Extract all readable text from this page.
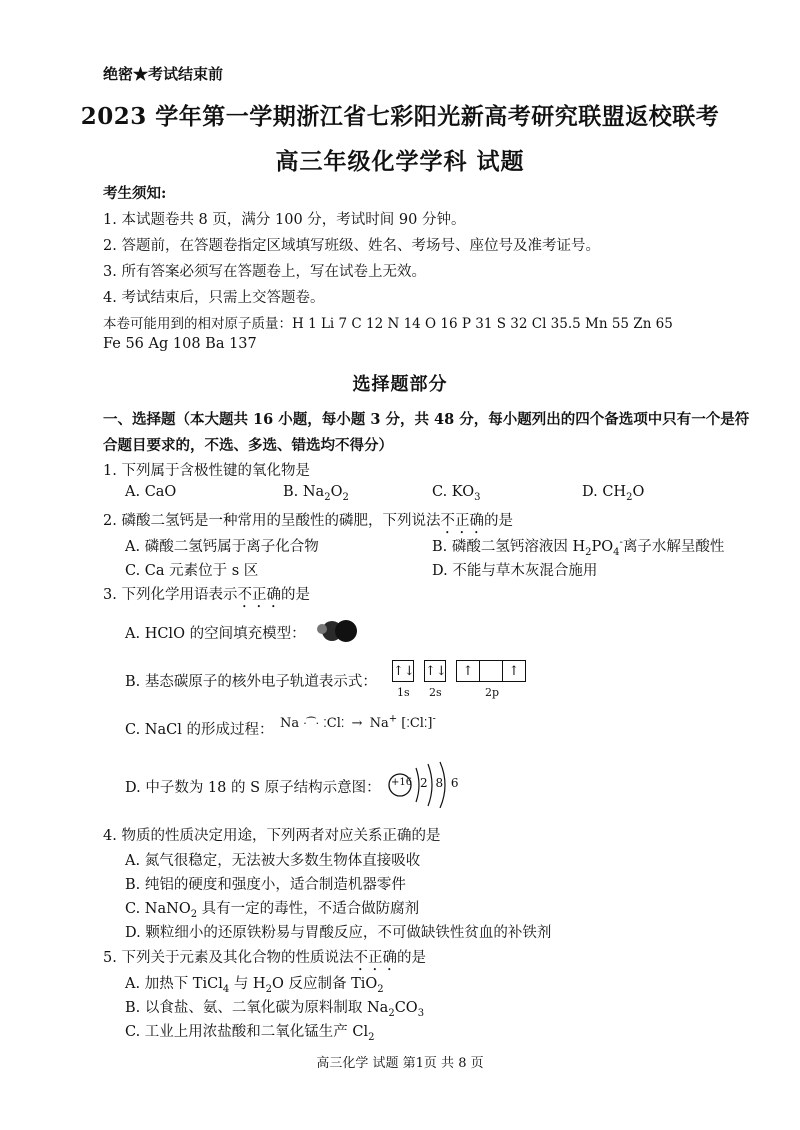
绝密★考试结束前
2023 学年第一学期浙江省七彩阳光新高考研究联盟返校联考
高三年级化学学科 试题
考生须知:
1. 本试题卷共 8 页，满分 100 分，考试时间 90 分钟。
2. 答题前，在答题卷指定区域填写班级、姓名、考场号、座位号及准考证号。
3. 所有答案必须写在答题卷上，写在试卷上无效。
4. 考试结束后，只需上交答题卷。
本卷可能用到的相对原子质量：H 1 Li 7 C 12 N 14 O 16 P 31 S 32 Cl 35.5 Mn 55 Zn 65
Fe 56 Ag 108 Ba 137
选择题部分
一、选择题（本大题共 16 小题，每小题 3 分，共 48 分，每小题列出的四个备选项中只有一个是符
合题目要求的，不选、多选、错选均不得分）
1. 下列属于含极性键的氧化物是
A. CaO	B. $Na_2O_2$	C. $KO_3$	D. $CH_2O$
2. 磷酸二氢钙是一种常用的呈酸性的磷肥，下列说法不正确的是
A. 磷酸二氢钙属于离子化合物	B. 磷酸二氢钙溶液因 $H_2PO_4^-$离子水解呈酸性
C. Ca 元素位于 s 区	D. 不能与草木灰混合施用
3. 下列化学用语表示不正确的是
A. HClO 的空间填充模型：
B. 基态碳原子的核外电子轨道表示式：
↑↓ ↑↓	↑	↑
1s 2s	2p
C. NaCl 的形成过程： Na ·⁀· ⁚Cl⁚ → Na+ [⁚Cl⁚]-
D. 中子数为 18 的 S 原子结构示意图： +16 2 8 6
4. 物质的性质决定用途，下列两者对应关系正确的是
A. 氮气很稳定，无法被大多数生物体直接吸收
B. 纯铝的硬度和强度小，适合制造机器零件
C. NaNO$_2$ 具有一定的毒性，不适合做防腐剂
D. 颗粒细小的还原铁粉易与胃酸反应，不可做缺铁性贫血的补铁剂
5. 下列关于元素及其化合物的性质说法不正确的是
A. 加热下 TiCl$_4$ 与 $H_2O$ 反应制备 TiO$_2$
B. 以食盐、氨、二氧化碳为原料制取 $Na_2CO_3$
C. 工业上用浓盐酸和二氧化锰生产 $Cl_2$
高三化学 试题 第1页 共 8 页
